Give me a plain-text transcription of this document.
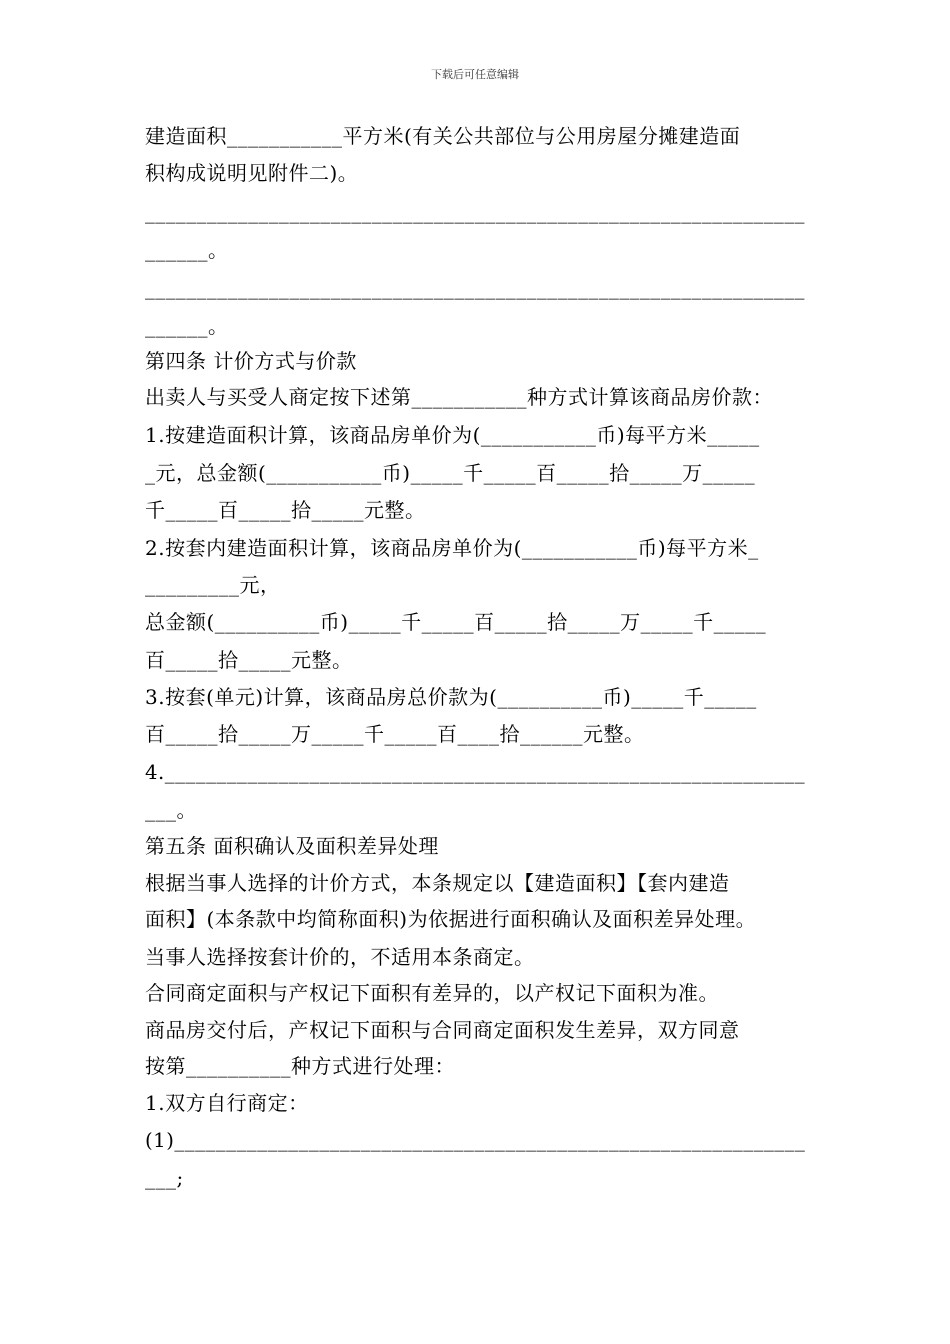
下载后可任意编辑
建造面积___________平方米(有关公共部位与公用房屋分摊建造面
积构成说明见附件二)。
________________________________________________________________
______。
________________________________________________________________
______。
第四条 计价方式与价款
出卖人与买受人商定按下述第___________种方式计算该商品房价款：
1.按建造面积计算，该商品房单价为(___________币)每平方米_____
_元，总金额(___________币)_____千_____百_____拾_____万_____
千_____百_____拾_____元整。
2.按套内建造面积计算，该商品房单价为(___________币)每平方米_
_________元，
总金额(__________币)_____千_____百_____拾_____万_____千_____
百_____拾_____元整。
3.按套(单元)计算，该商品房总价款为(__________币)_____千_____
百_____拾_____万_____千_____百____拾______元整。
4.______________________________________________________________
___。
第五条 面积确认及面积差异处理
根据当事人选择的计价方式，本条规定以【建造面积】【套内建造
面积】(本条款中均简称面积)为依据进行面积确认及面积差异处理。
当事人选择按套计价的，不适用本条商定。
合同商定面积与产权记下面积有差异的，以产权记下面积为准。
商品房交付后，产权记下面积与合同商定面积发生差异，双方同意
按第__________种方式进行处理：
1.双方自行商定：
(1)_____________________________________________________________
___;
